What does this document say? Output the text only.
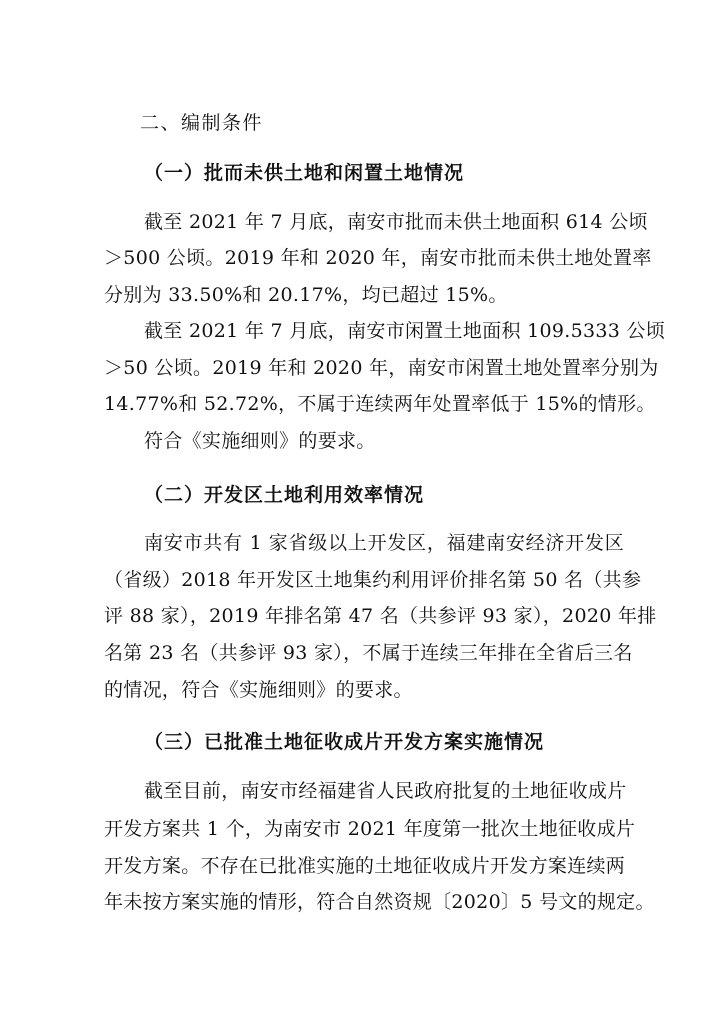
二、编制条件
（一）批而未供土地和闲置土地情况
截至 2021 年 7 月底，南安市批而未供土地面积 614 公顷
＞500 公顷。2019 年和 2020 年，南安市批而未供土地处置率
分别为 33.50%和 20.17%，均已超过 15%。
截至 2021 年 7 月底，南安市闲置土地面积 109.5333 公顷
＞50 公顷。2019 年和 2020 年，南安市闲置土地处置率分别为
14.77%和 52.72%，不属于连续两年处置率低于 15%的情形。
符合《实施细则》的要求。
（二）开发区土地利用效率情况
南安市共有 1 家省级以上开发区，福建南安经济开发区
（省级）2018 年开发区土地集约利用评价排名第 50 名（共参
评 88 家），2019 年排名第 47 名（共参评 93 家），2020 年排
名第 23 名（共参评 93 家），不属于连续三年排在全省后三名
的情况，符合《实施细则》的要求。
（三）已批准土地征收成片开发方案实施情况
截至目前，南安市经福建省人民政府批复的土地征收成片
开发方案共 1 个，为南安市 2021 年度第一批次土地征收成片
开发方案。不存在已批准实施的土地征收成片开发方案连续两
年未按方案实施的情形，符合自然资规〔2020〕5 号文的规定。
